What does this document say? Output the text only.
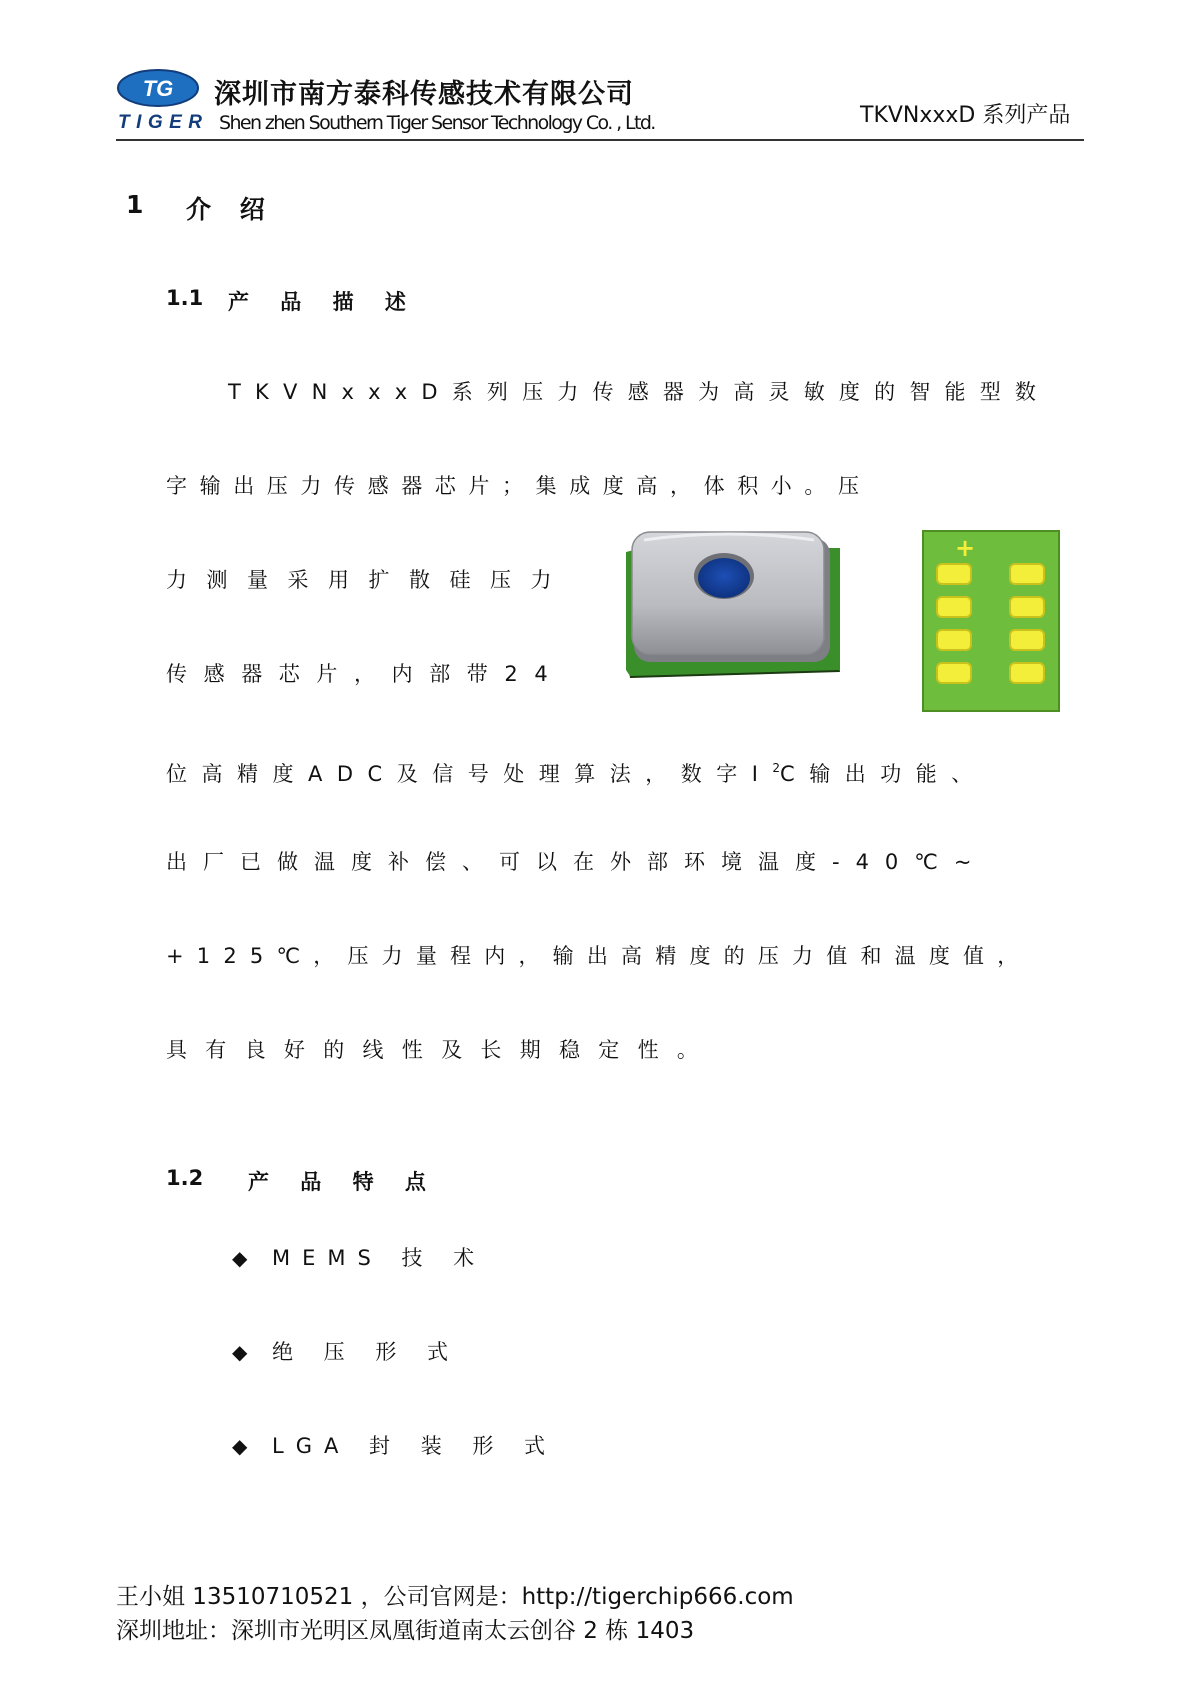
TG
TIGER
深圳市南方泰科传感技术有限公司
Shen zhen Southern Tiger Sensor Technology Co. , Ltd.	TKVNxxxD 系列产品
1 介 绍
1.1 产 品 描 述
TKVNxxxD系列压力传感器为高灵敏度的智能型数
字输出压力传感器芯片；集成度高，体积小。压
力测量采用扩散硅压力
传感器芯片，内部带24
位高精度ADC及信号处理算法，数字$I^2C$输出功能、
出厂已做温度补偿、可以在外部环境温度-40℃~
+125℃，压力量程内，输出高精度的压力值和温度值，
具有良好的线性及长期稳定性。
+
1.2 产 品 特 点
◆ MEMS 技 术
◆ 绝 压 形 式
◆ LGA 封 装 形 式
王小姐 13510710521 ，公司官网是：http://tigerchip666.com
深圳地址：深圳市光明区凤凰街道南太云创谷 2 栋 1403
